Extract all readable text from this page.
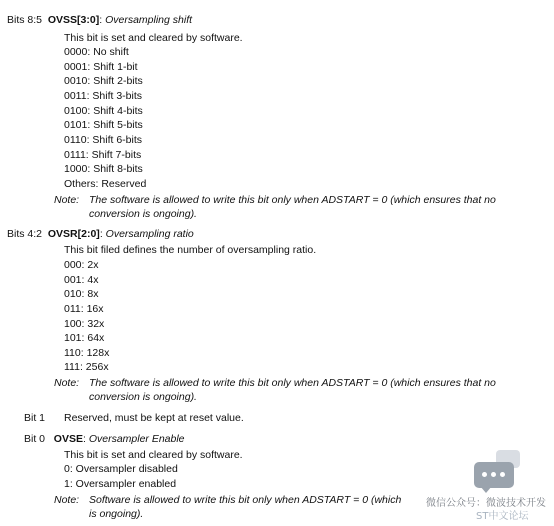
Bits 8:5 OVSS[3:0]: Oversampling shift
This bit is set and cleared by software.
0000: No shift
0001: Shift 1-bit
0010: Shift 2-bits
0011: Shift 3-bits
0100: Shift 4-bits
0101: Shift 5-bits
0110: Shift 6-bits
0111: Shift 7-bits
1000: Shift 8-bits
Others: Reserved
Note: The software is allowed to write this bit only when ADSTART = 0 (which ensures that no
conversion is ongoing).
Bits 4:2 OVSR[2:0]: Oversampling ratio
This bit filed defines the number of oversampling ratio.
000: 2x
001: 4x
010: 8x
011: 16x
100: 32x
101: 64x
110: 128x
111: 256x
Note: The software is allowed to write this bit only when ADSTART = 0 (which ensures that no
conversion is ongoing).
Bit 1 Reserved, must be kept at reset value.
Bit 0 OVSE: Oversampler Enable
This bit is set and cleared by software.
0: Oversampler disabled
1: Oversampler enabled
Note: Software is allowed to write this bit only when ADSTART = 0 (which
is ongoing).
微信公众号：微波技术开发
ST中文论坛
